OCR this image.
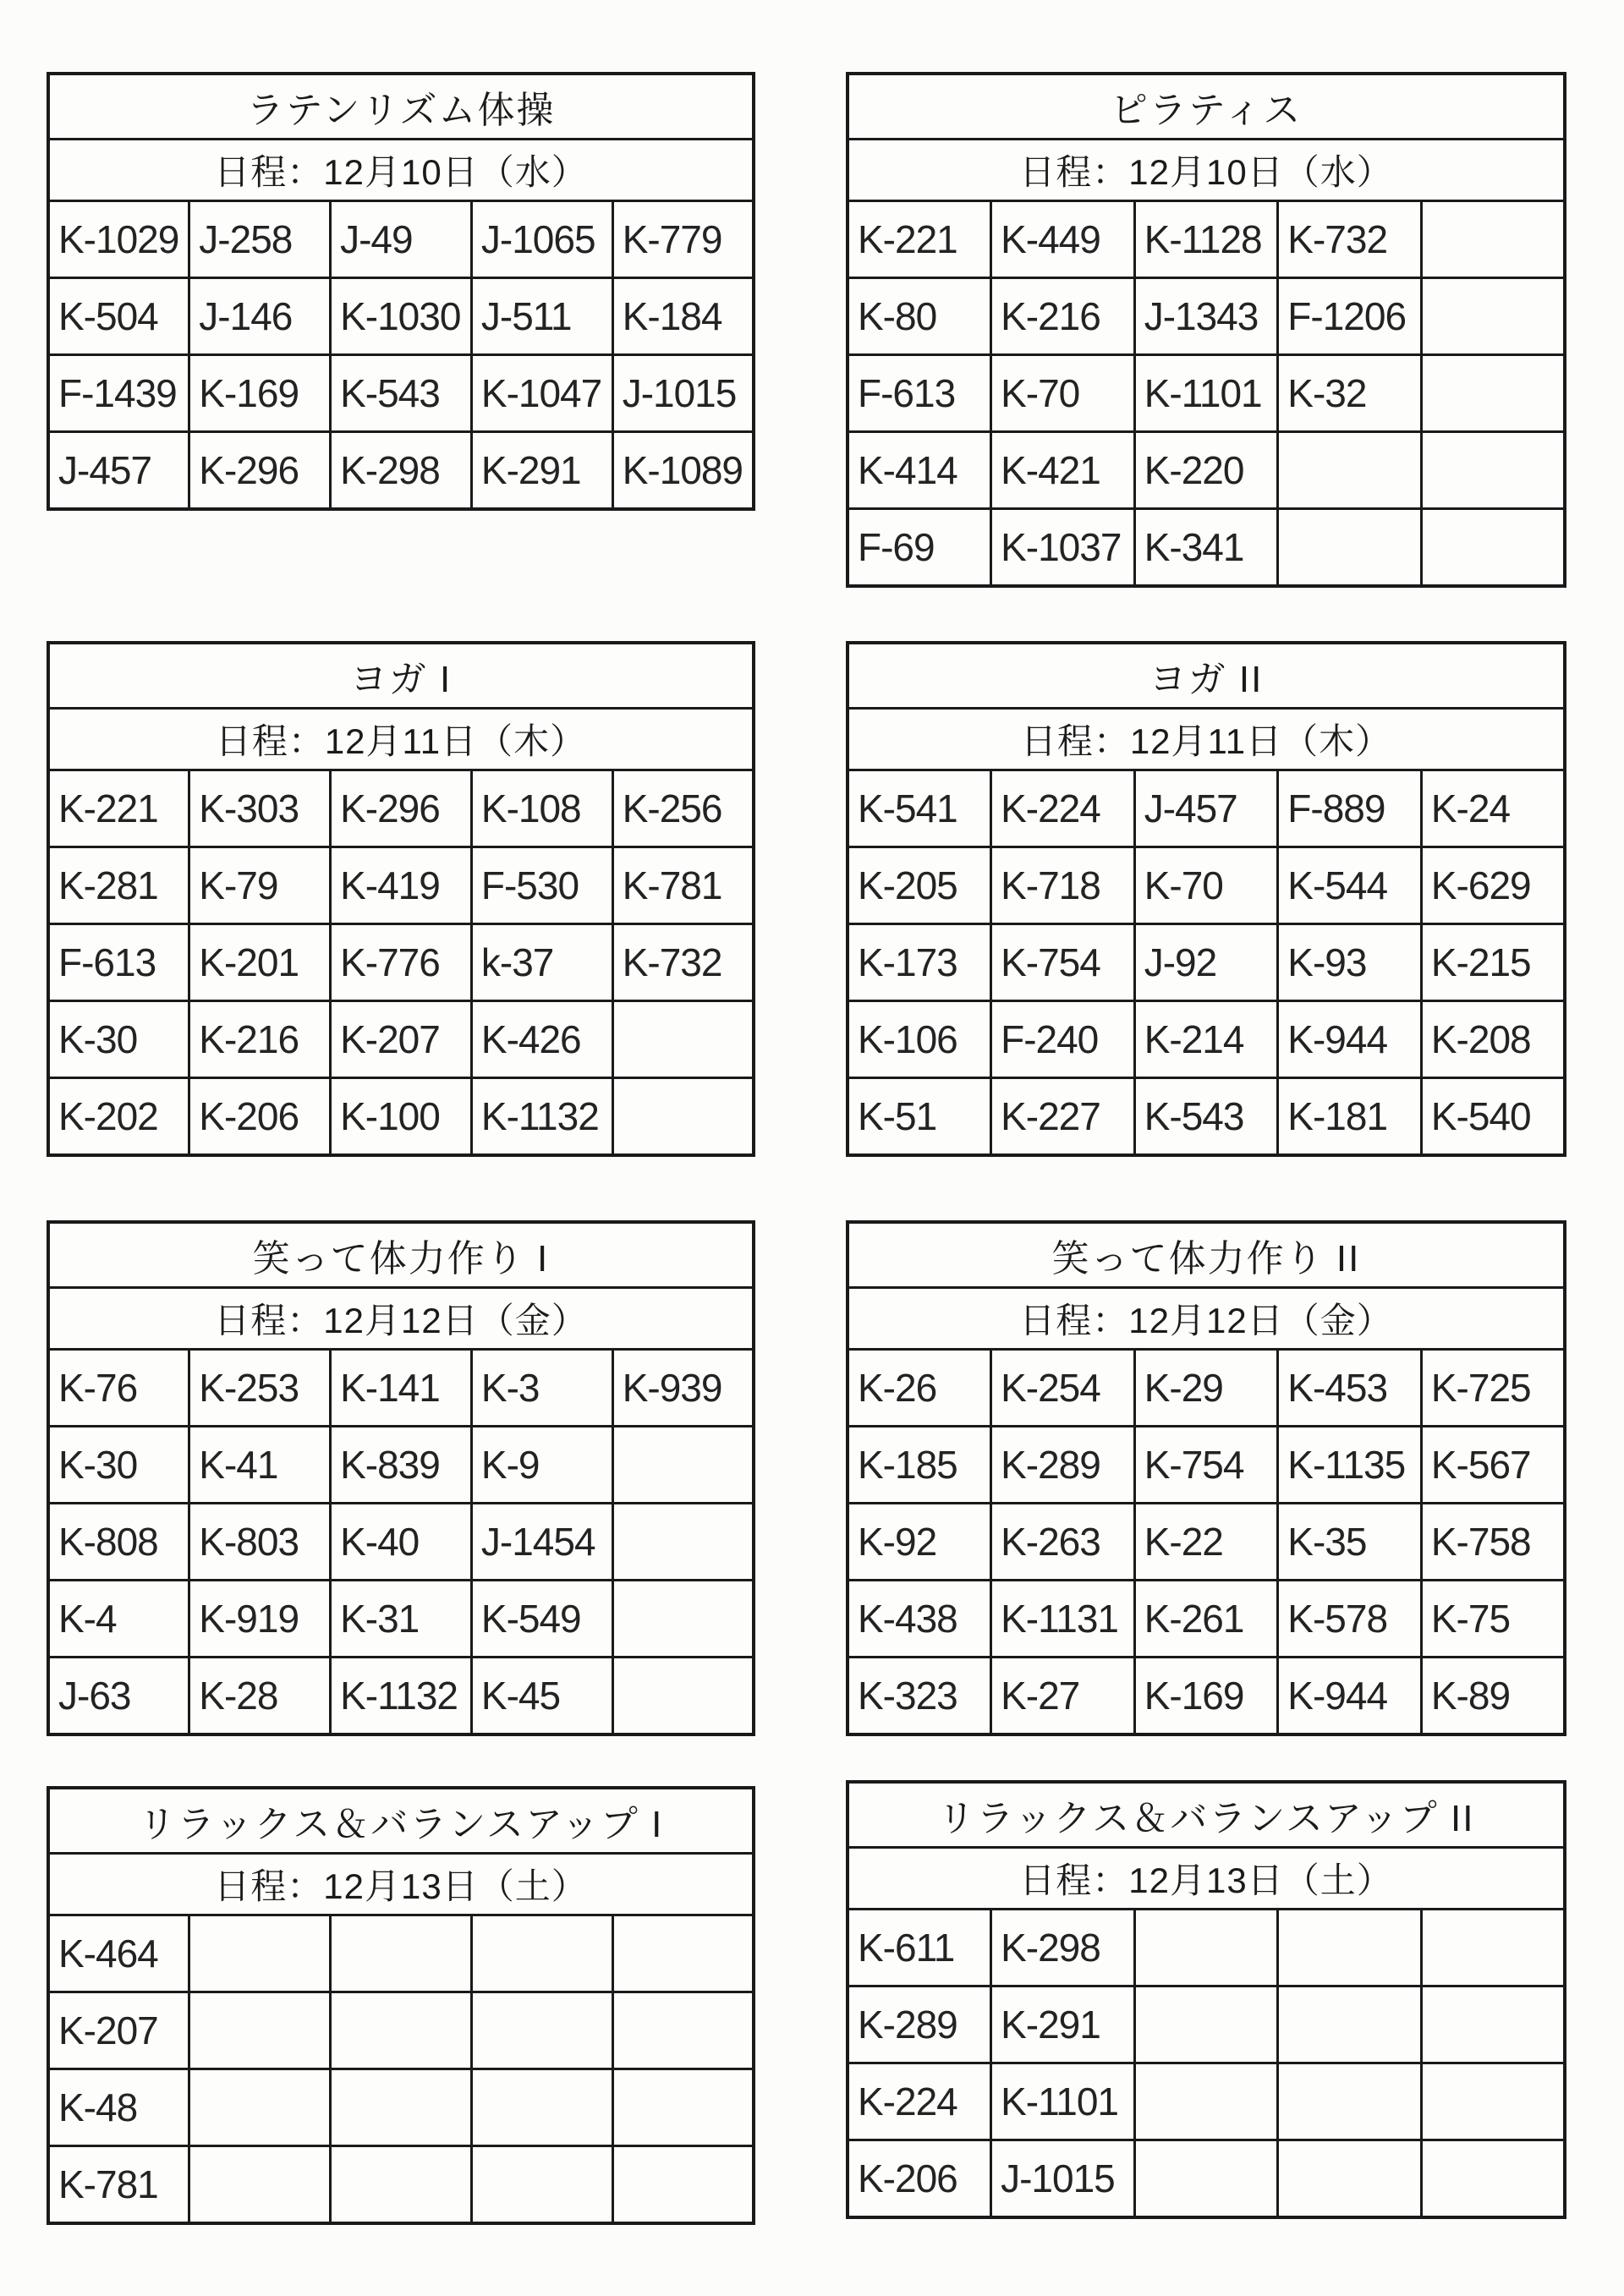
ラテンリズム体操				
日程：12月10日（水）				
K-1029	J-258	J-49	J-1065	K-779
K-504	J-146	K-1030	J-511	K-184
F-1439	K-169	K-543	K-1047	J-1015
J-457	K-296	K-298	K-291	K-1089
ピラティス				
日程：12月10日（水）				
K-221	K-449	K-1128	K-732	
K-80	K-216	J-1343	F-1206	
F-613	K-70	K-1101	K-32	
K-414	K-421	K-220		
F-69	K-1037	K-341		
ヨガ I				
日程：12月11日（木）				
K-221	K-303	K-296	K-108	K-256
K-281	K-79	K-419	F-530	K-781
F-613	K-201	K-776	k-37	K-732
K-30	K-216	K-207	K-426	
K-202	K-206	K-100	K-1132	
ヨガ II				
日程：12月11日（木）				
K-541	K-224	J-457	F-889	K-24
K-205	K-718	K-70	K-544	K-629
K-173	K-754	J-92	K-93	K-215
K-106	F-240	K-214	K-944	K-208
K-51	K-227	K-543	K-181	K-540
笑って体力作り I				
日程：12月12日（金）				
K-76	K-253	K-141	K-3	K-939
K-30	K-41	K-839	K-9	
K-808	K-803	K-40	J-1454	
K-4	K-919	K-31	K-549	
J-63	K-28	K-1132	K-45	
笑って体力作り II				
日程：12月12日（金）				
K-26	K-254	K-29	K-453	K-725
K-185	K-289	K-754	K-1135	K-567
K-92	K-263	K-22	K-35	K-758
K-438	K-1131	K-261	K-578	K-75
K-323	K-27	K-169	K-944	K-89
リラックス＆バランスアップ I				
日程：12月13日（土）				
K-464				
K-207				
K-48				
K-781				
リラックス＆バランスアップ II				
日程：12月13日（土）				
K-611	K-298			
K-289	K-291			
K-224	K-1101			
K-206	J-1015			
